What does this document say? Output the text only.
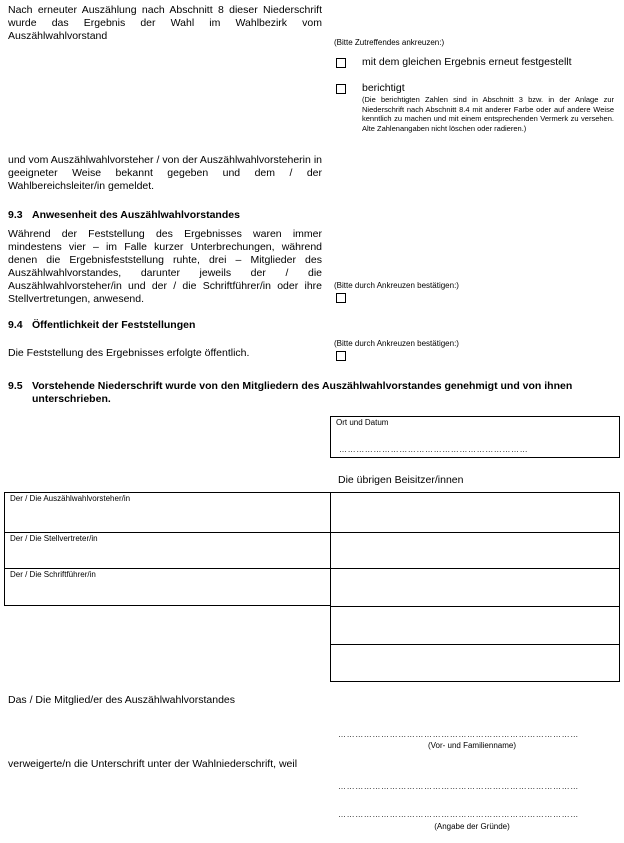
Nach erneuter Auszählung nach Abschnitt 8 dieser Niederschrift wurde das Ergebnis der Wahl im Wahlbezirk vom Auszählwahlvorstand
(Bitte Zutreffendes ankreuzen:)
mit dem gleichen Ergebnis erneut festgestellt
berichtigt
(Die berichtigten Zahlen sind in Abschnitt 3 bzw. in der Anlage zur Niederschrift nach Abschnitt 8.4 mit anderer Farbe oder auf andere Weise kenntlich zu machen und mit einem entsprechenden Vermerk zu versehen. Alte Zahlenangaben nicht löschen oder radieren.)
und vom Auszählwahlvorsteher / von der Auszählwahlvorsteherin in geeigneter Weise bekannt gegeben und dem / der Wahlbereichsleiter/in gemeldet.
9.3 Anwesenheit des Auszählwahlvorstandes
Während der Feststellung des Ergebnisses waren immer mindestens vier – im Falle kurzer Unterbrechungen, während denen die Ergebnisfeststellung ruhte, drei – Mitglieder des Auszählwahlvorstandes, darunter jeweils der / die Auszählwahlvorsteher/in und der / die Schriftführer/in oder ihre Stellvertretungen, anwesend.
(Bitte durch Ankreuzen bestätigen:)
9.4 Öffentlichkeit der Feststellungen
Die Feststellung des Ergebnisses erfolgte öffentlich.
(Bitte durch Ankreuzen bestätigen:)
9.5 Vorstehende Niederschrift wurde von den Mitgliedern des Auszählwahlvorstandes genehmigt und von ihnen unterschrieben.
Ort und Datum
…………………………………………………………
Die übrigen Beisitzer/innen
Der / Die Auszählwahlvorsteher/in
Der / Die Stellvertreter/in
Der / Die Schriftführer/in
Das / Die Mitglied/er des Auszählwahlvorstandes
…………………………………………………………………………
(Vor- und Familienname)
verweigerte/n die Unterschrift unter der Wahlniederschrift, weil
…………………………………………………………………………
…………………………………………………………………………
(Angabe der Gründe)
